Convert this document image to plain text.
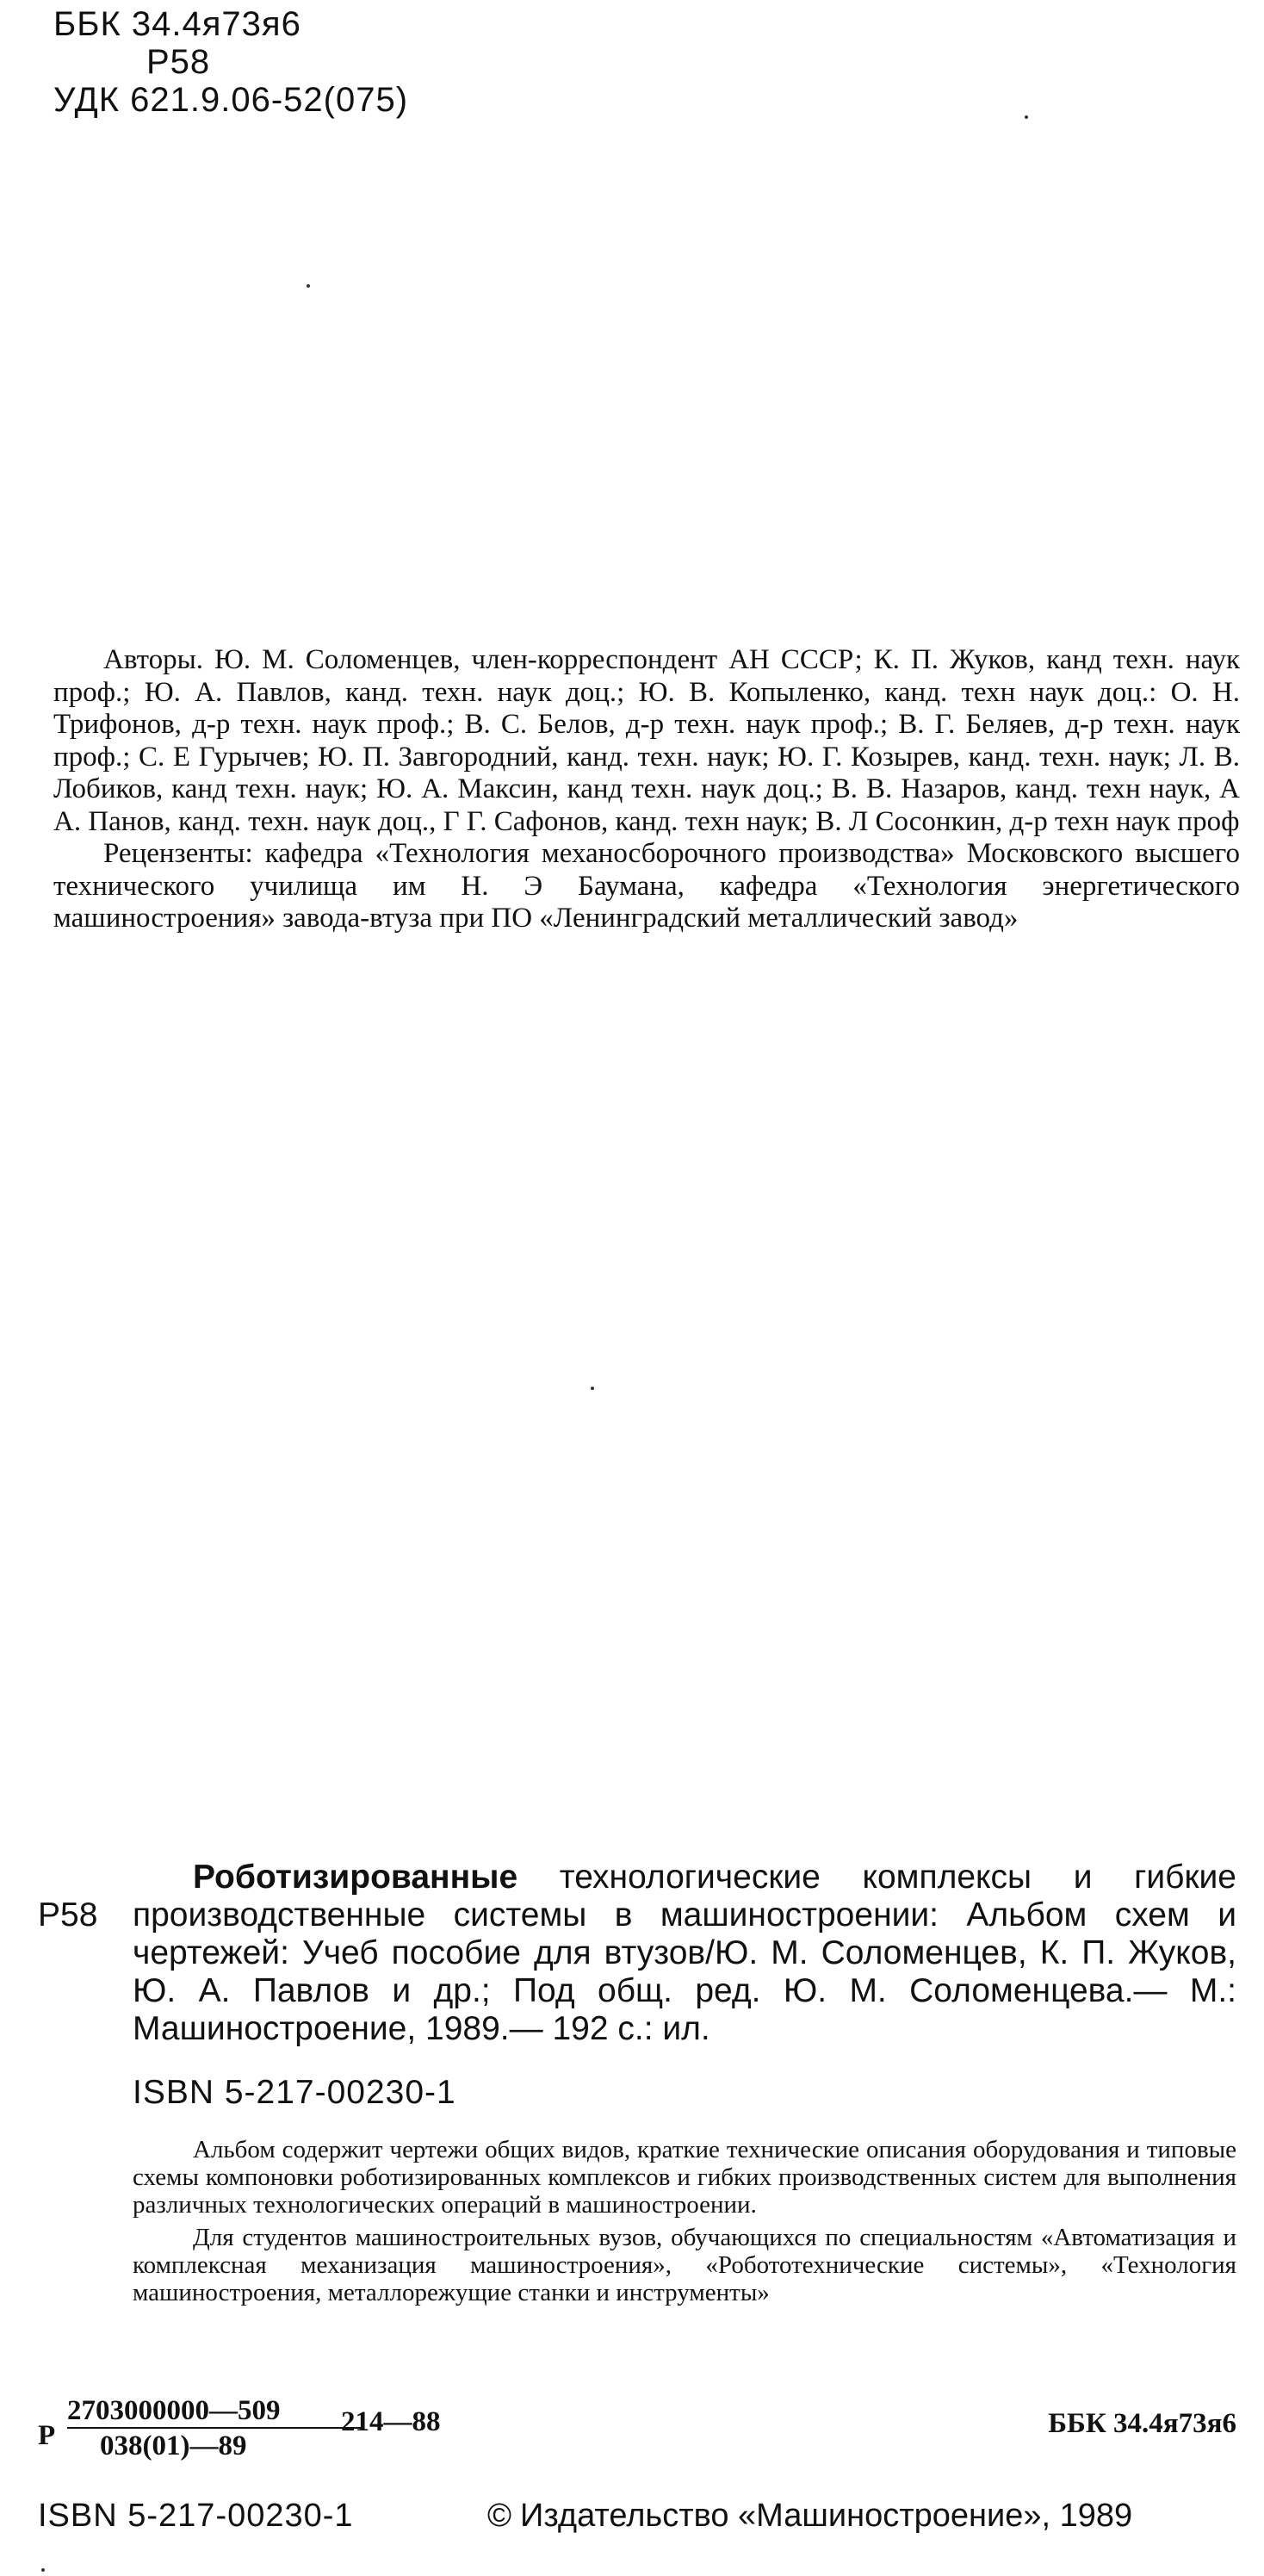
ББК 34.4я73я6
Р58
УДК 621.9.06-52(075)

Авторы. Ю. М. Соломенцев, член-корреспондент АН СССР; К. П. Жуков, канд техн. наук проф.; Ю. А. Павлов, канд. техн. наук доц.; Ю. В. Копыленко, канд. техн наук доц.: О. Н. Трифонов, д-р техн. наук проф.; В. С. Белов, д-р техн. наук проф.; В. Г. Беляев, д-р техн. наук проф.; С. Е Гурычев; Ю. П. Завгородний, канд. техн. наук; Ю. Г. Козырев, канд. техн. наук; Л. В. Лобиков, канд техн. наук; Ю. А. Максин, канд техн. наук доц.; В. В. Назаров, канд. техн наук, А А. Панов, канд. техн. наук доц., Г Г. Сафонов, канд. техн наук; В. Л Сосонкин, д-р техн наук проф

Рецензенты: кафедра «Технология механосборочного производства» Московского высшего технического училища им Н. Э Баумана, кафедра «Технология энергетического машиностроения» завода-втуза при ПО «Ленинградский металлический завод»

Р58

Роботизированные технологические комплексы и гибкие производственные системы в машиностроении: Альбом схем и чертежей: Учеб пособие для втузов/Ю. М. Соломенцев, К. П. Жуков, Ю. А. Павлов и др.; Под общ. ред. Ю. М. Соломенцева.— М.: Машиностроение, 1989.— 192 с.: ил.

ISBN 5-217-00230-1

Альбом содержит чертежи общих видов, краткие технические описания оборудования и типовые схемы компоновки роботизированных комплексов и гибких производственных систем для выполнения различных технологических операций в машиностроении.

Для студентов машиностроительных вузов, обучающихся по специальностям «Автоматизация и комплексная механизация машиностроения», «Робототехнические системы», «Технология машиностроения, металлорежущие станки и инструменты»

Р $\frac{2703000000—509}{038(01)—89}$
214—88	ББК 34.4я73я6
ISBN 5-217-00230-1	© Издательство «Машиностроение», 1989
